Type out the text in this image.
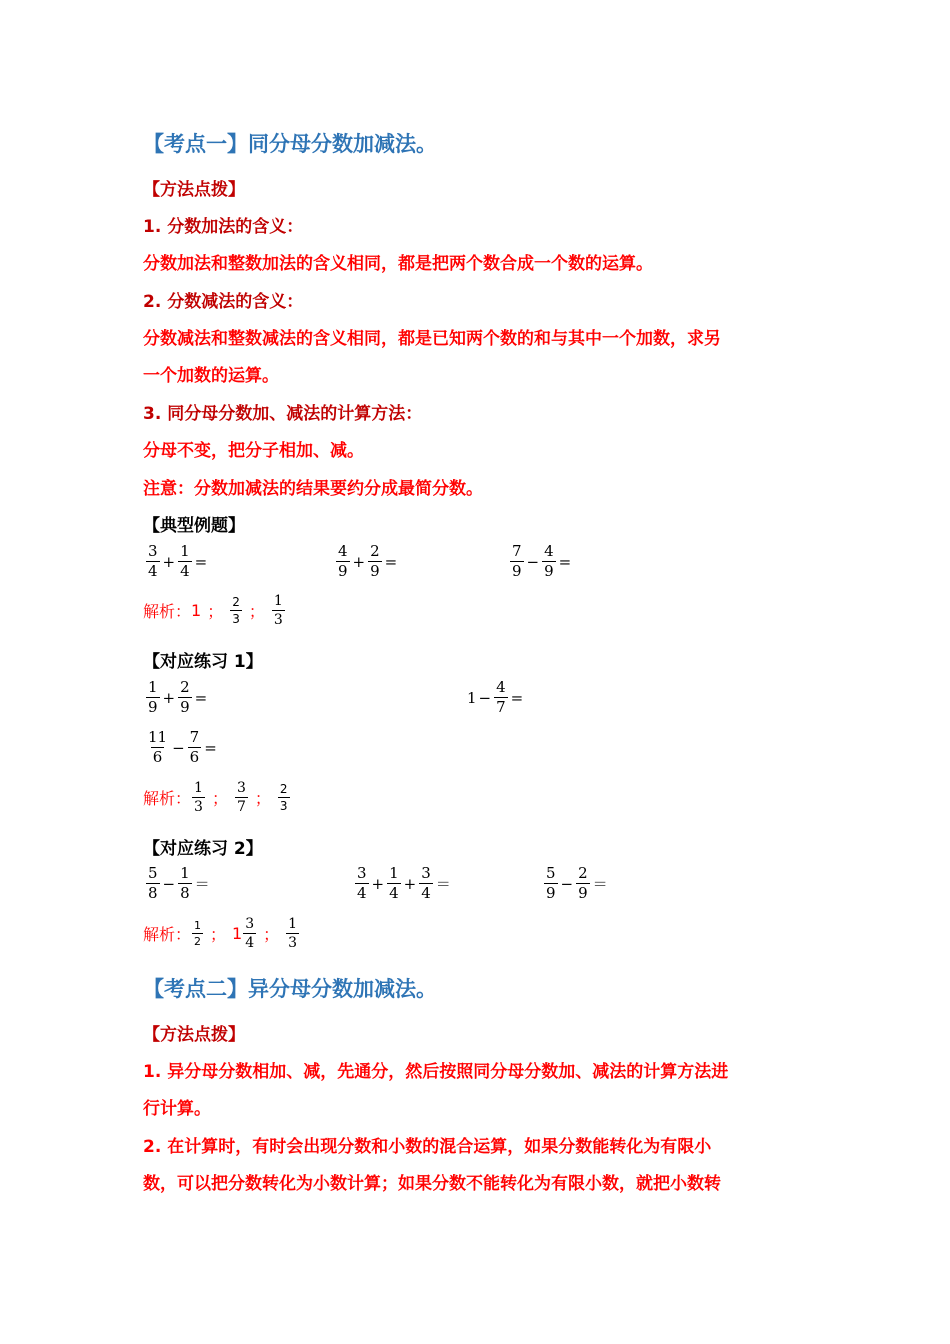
【考点一】同分母分数加减法。
【方法点拨】
1. 分数加法的含义：
分数加法和整数加法的含义相同，都是把两个数合成一个数的运算。
2. 分数减法的含义：
分数减法和整数减法的含义相同，都是已知两个数的和与其中一个加数，求另
一个加数的运算。
3. 同分母分数加、减法的计算方法：
分母不变，把分子相加、减。
注意：分数加减法的结果要约分成最简分数。
【典型例题】
$\frac{3}{4} + \frac{1}{4}$ =	$\frac{4}{9} + \frac{2}{9}$ =	$\frac{7}{9} - \frac{4}{9}$ =
解析： 1 ； $\frac{2}{3}$ ； $\frac{1}{3}$
【对应练习 1】
$\frac{1}{9} + \frac{2}{9}$ =	$1 - \frac{4}{7}$ =
$\frac{11}{6} - \frac{7}{6}$ =
解析： $\frac{1}{3}$ ； $\frac{3}{7}$ ； $\frac{2}{3}$
【对应练习 2】
$\frac{5}{8} - \frac{1}{8}$ ＝	$\frac{3}{4} + \frac{1}{4} + \frac{3}{4}$ ＝	$\frac{5}{9} - \frac{2}{9}$ ＝
解析： $\frac{1}{2}$ ； $1 \frac{3}{4}$ ； $\frac{1}{3}$
【考点二】异分母分数加减法。
【方法点拨】
1. 异分母分数相加、减，先通分，然后按照同分母分数加、减法的计算方法进
行计算。
2. 在计算时，有时会出现分数和小数的混合运算，如果分数能转化为有限小
数，可以把分数转化为小数计算；如果分数不能转化为有限小数，就把小数转
